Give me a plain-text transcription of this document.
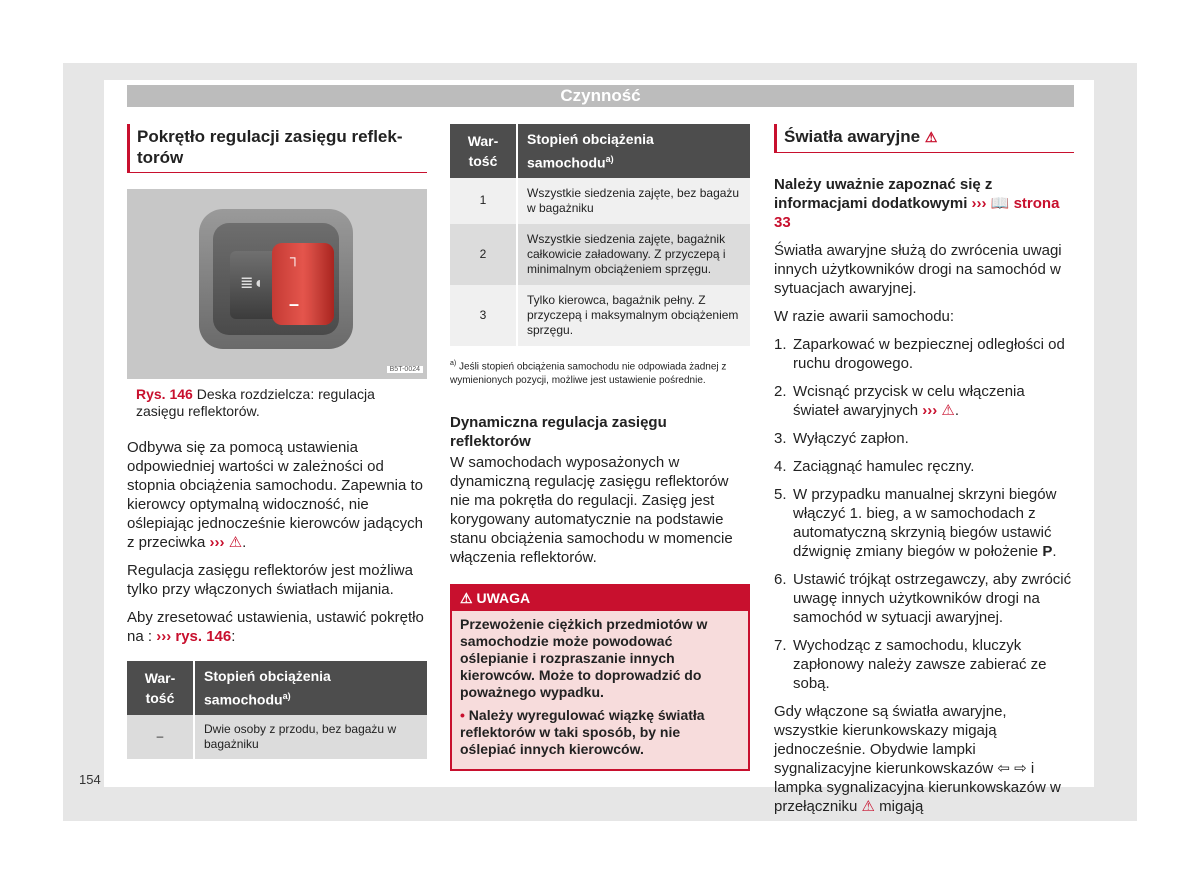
Czynność
Pokrętło regulacji zasięgu reflek- torów
≣◖
┐
–
B5T-0024
Rys. 146 Deska rozdzielcza: regulacja zasięgu reflektorów.

Odbywa się za pomocą ustawienia odpowiedniej wartości w zależności od stopnia obciążenia samochodu. Zapewnia to kierowcy optymalną widoczność, nie oślepiając jednocześnie kierowców jadących z przeciwka ››› ⚠.

Regulacja zasięgu reflektorów jest możliwa tylko przy włączonych światłach mijania.

Aby zresetować ustawienia, ustawić pokrętło na : ››› rys. 146:

War- tość	Stopień obciążenia samochodu$^{a)}$
–	Dwie osoby z przodu, bez bagażu w bagażniku
War- tość	Stopień obciążenia samochodu$^{a)}$
1	Wszystkie siedzenia zajęte, bez bagażu w bagażniku
2	Wszystkie siedzenia zajęte, bagażnik całkowicie załadowany. Z przyczepą i minimalnym obciążeniem sprzęgu.
3	Tylko kierowca, bagażnik pełny. Z przyczepą i maksymalnym obciążeniem sprzęgu.

$^{a)}$ Jeśli stopień obciążenia samochodu nie odpowiada żadnej z wymienionych pozycji, możliwe jest ustawienie pośrednie.

Dynamiczna regulacja zasięgu reflektorów

W samochodach wyposażonych w dynamiczną regulację zasięgu reflektorów nie ma pokrętła do regulacji. Zasięg jest korygowany automatycznie na podstawie stanu obciążenia samochodu w momencie włączenia reflektorów.

⚠ UWAGA

Przewożenie ciężkich przedmiotów w samochodzie może powodować oślepianie i rozpraszanie innych kierowców. Może to doprowadzić do poważnego wypadku.

• Należy wyregulować wiązkę światła reflektorów w taki sposób, by nie oślepiać innych kierowców.

Światła awaryjne ⚠
Należy uważnie zapoznać się z informacjami dodatkowymi ››› 📖 strona 33

Światła awaryjne służą do zwrócenia uwagi innych użytkowników drogi na samochód w sytuacjach awaryjnej.

W razie awarii samochodu:

1. Zaparkować w bezpiecznej odległości od ruchu drogowego.
2. Wcisnąć przycisk w celu włączenia świateł awaryjnych ››› ⚠.
3. Wyłączyć zapłon.
4. Zaciągnąć hamulec ręczny.
5. W przypadku manualnej skrzyni biegów włączyć 1. bieg, a w samochodach z automatyczną skrzynią biegów ustawić dźwignię zmiany biegów w położenie P.
6. Ustawić trójkąt ostrzegawczy, aby zwrócić uwagę innych użytkowników drogi na samochód w sytuacji awaryjnej.
7. Wychodząc z samochodu, kluczyk zapłonowy należy zawsze zabierać ze sobą.

Gdy włączone są światła awaryjne, wszystkie kierunkowskazy migają jednocześnie. Obydwie lampki sygnalizacyjne kierunkowskazów ⇦ ⇨ i lampka sygnalizacyjna kierunkowskazów w przełączniku ⚠ migają

154
